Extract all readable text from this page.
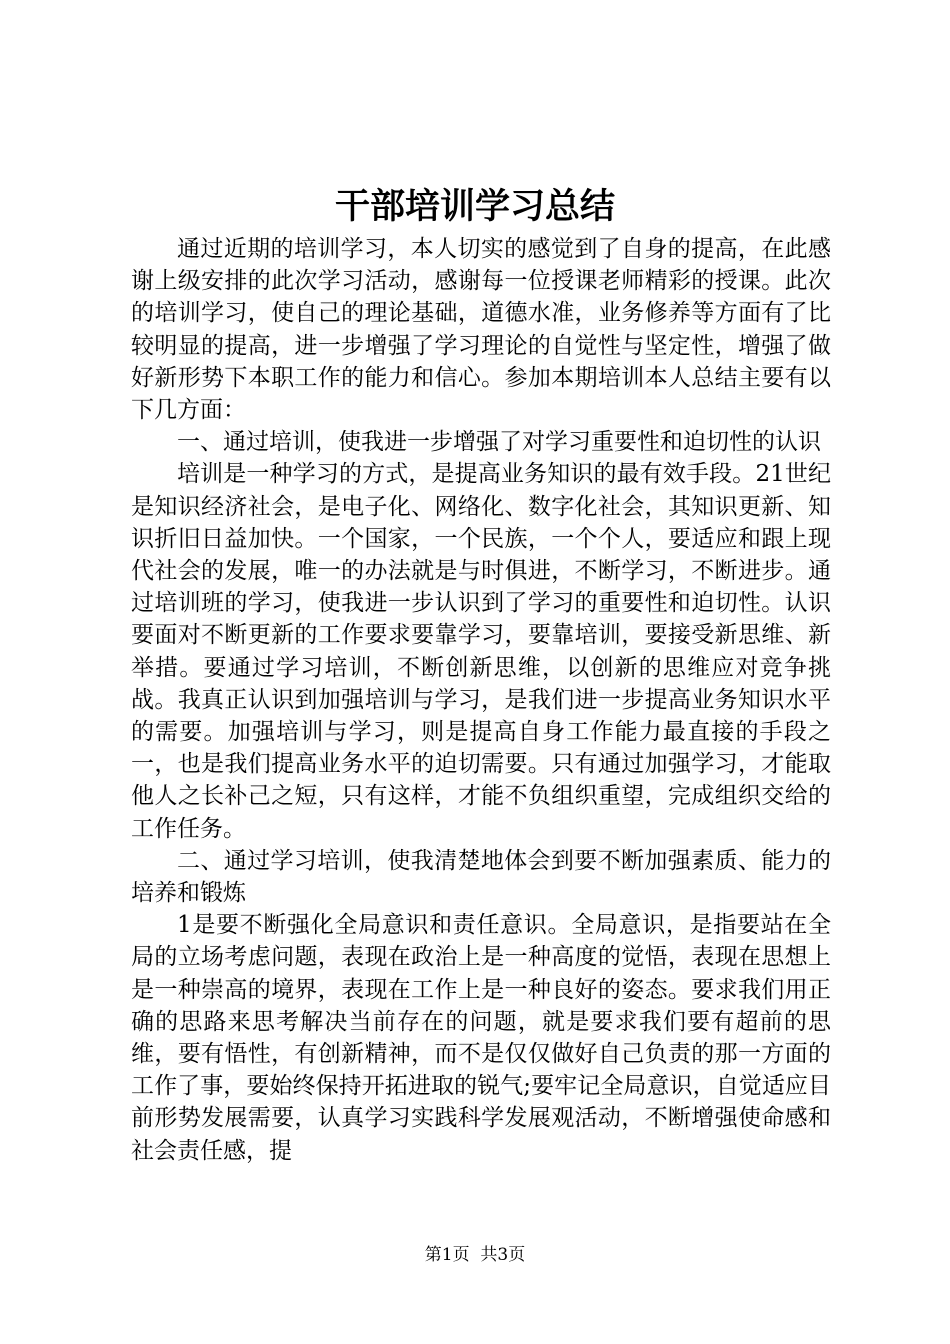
干部培训学习总结

通过近期的培训学习，本人切实的感觉到了自身的提高，在此感谢上级安排的此次学习活动，感谢每一位授课老师精彩的授课。此次的培训学习，使自己的理论基础，道德水准，业务修养等方面有了比较明显的提高，进一步增强了学习理论的自觉性与坚定性，增强了做好新形势下本职工作的能力和信心。参加本期培训本人总结主要有以下几方面：

一、通过培训，使我进一步增强了对学习重要性和迫切性的认识

培训是一种学习的方式，是提高业务知识的最有效手段。21世纪是知识经济社会，是电子化、网络化、数字化社会，其知识更新、知识折旧日益加快。一个国家，一个民族，一个个人，要适应和跟上现代社会的发展，唯一的办法就是与时俱进，不断学习，不断进步。通过培训班的学习，使我进一步认识到了学习的重要性和迫切性。认识要面对不断更新的工作要求要靠学习，要靠培训，要接受新思维、新举措。要通过学习培训，不断创新思维，以创新的思维应对竞争挑战。我真正认识到加强培训与学习，是我们进一步提高业务知识水平的需要。加强培训与学习，则是提高自身工作能力最直接的手段之一，也是我们提高业务水平的迫切需要。只有通过加强学习，才能取他人之长补己之短，只有这样，才能不负组织重望，完成组织交给的工作任务。

二、通过学习培训，使我清楚地体会到要不断加强素质、能力的培养和锻炼

1是要不断强化全局意识和责任意识。全局意识，是指要站在全局的立场考虑问题，表现在政治上是一种高度的觉悟，表现在思想上是一种崇高的境界，表现在工作上是一种良好的姿态。要求我们用正确的思路来思考解决当前存在的问题，就是要求我们要有超前的思维，要有悟性，有创新精神，而不是仅仅做好自己负责的那一方面的工作了事，要始终保持开拓进取的锐气;要牢记全局意识，自觉适应目前形势发展需要，认真学习实践科学发展观活动，不断增强使命感和社会责任感，提

第1页  共3页
